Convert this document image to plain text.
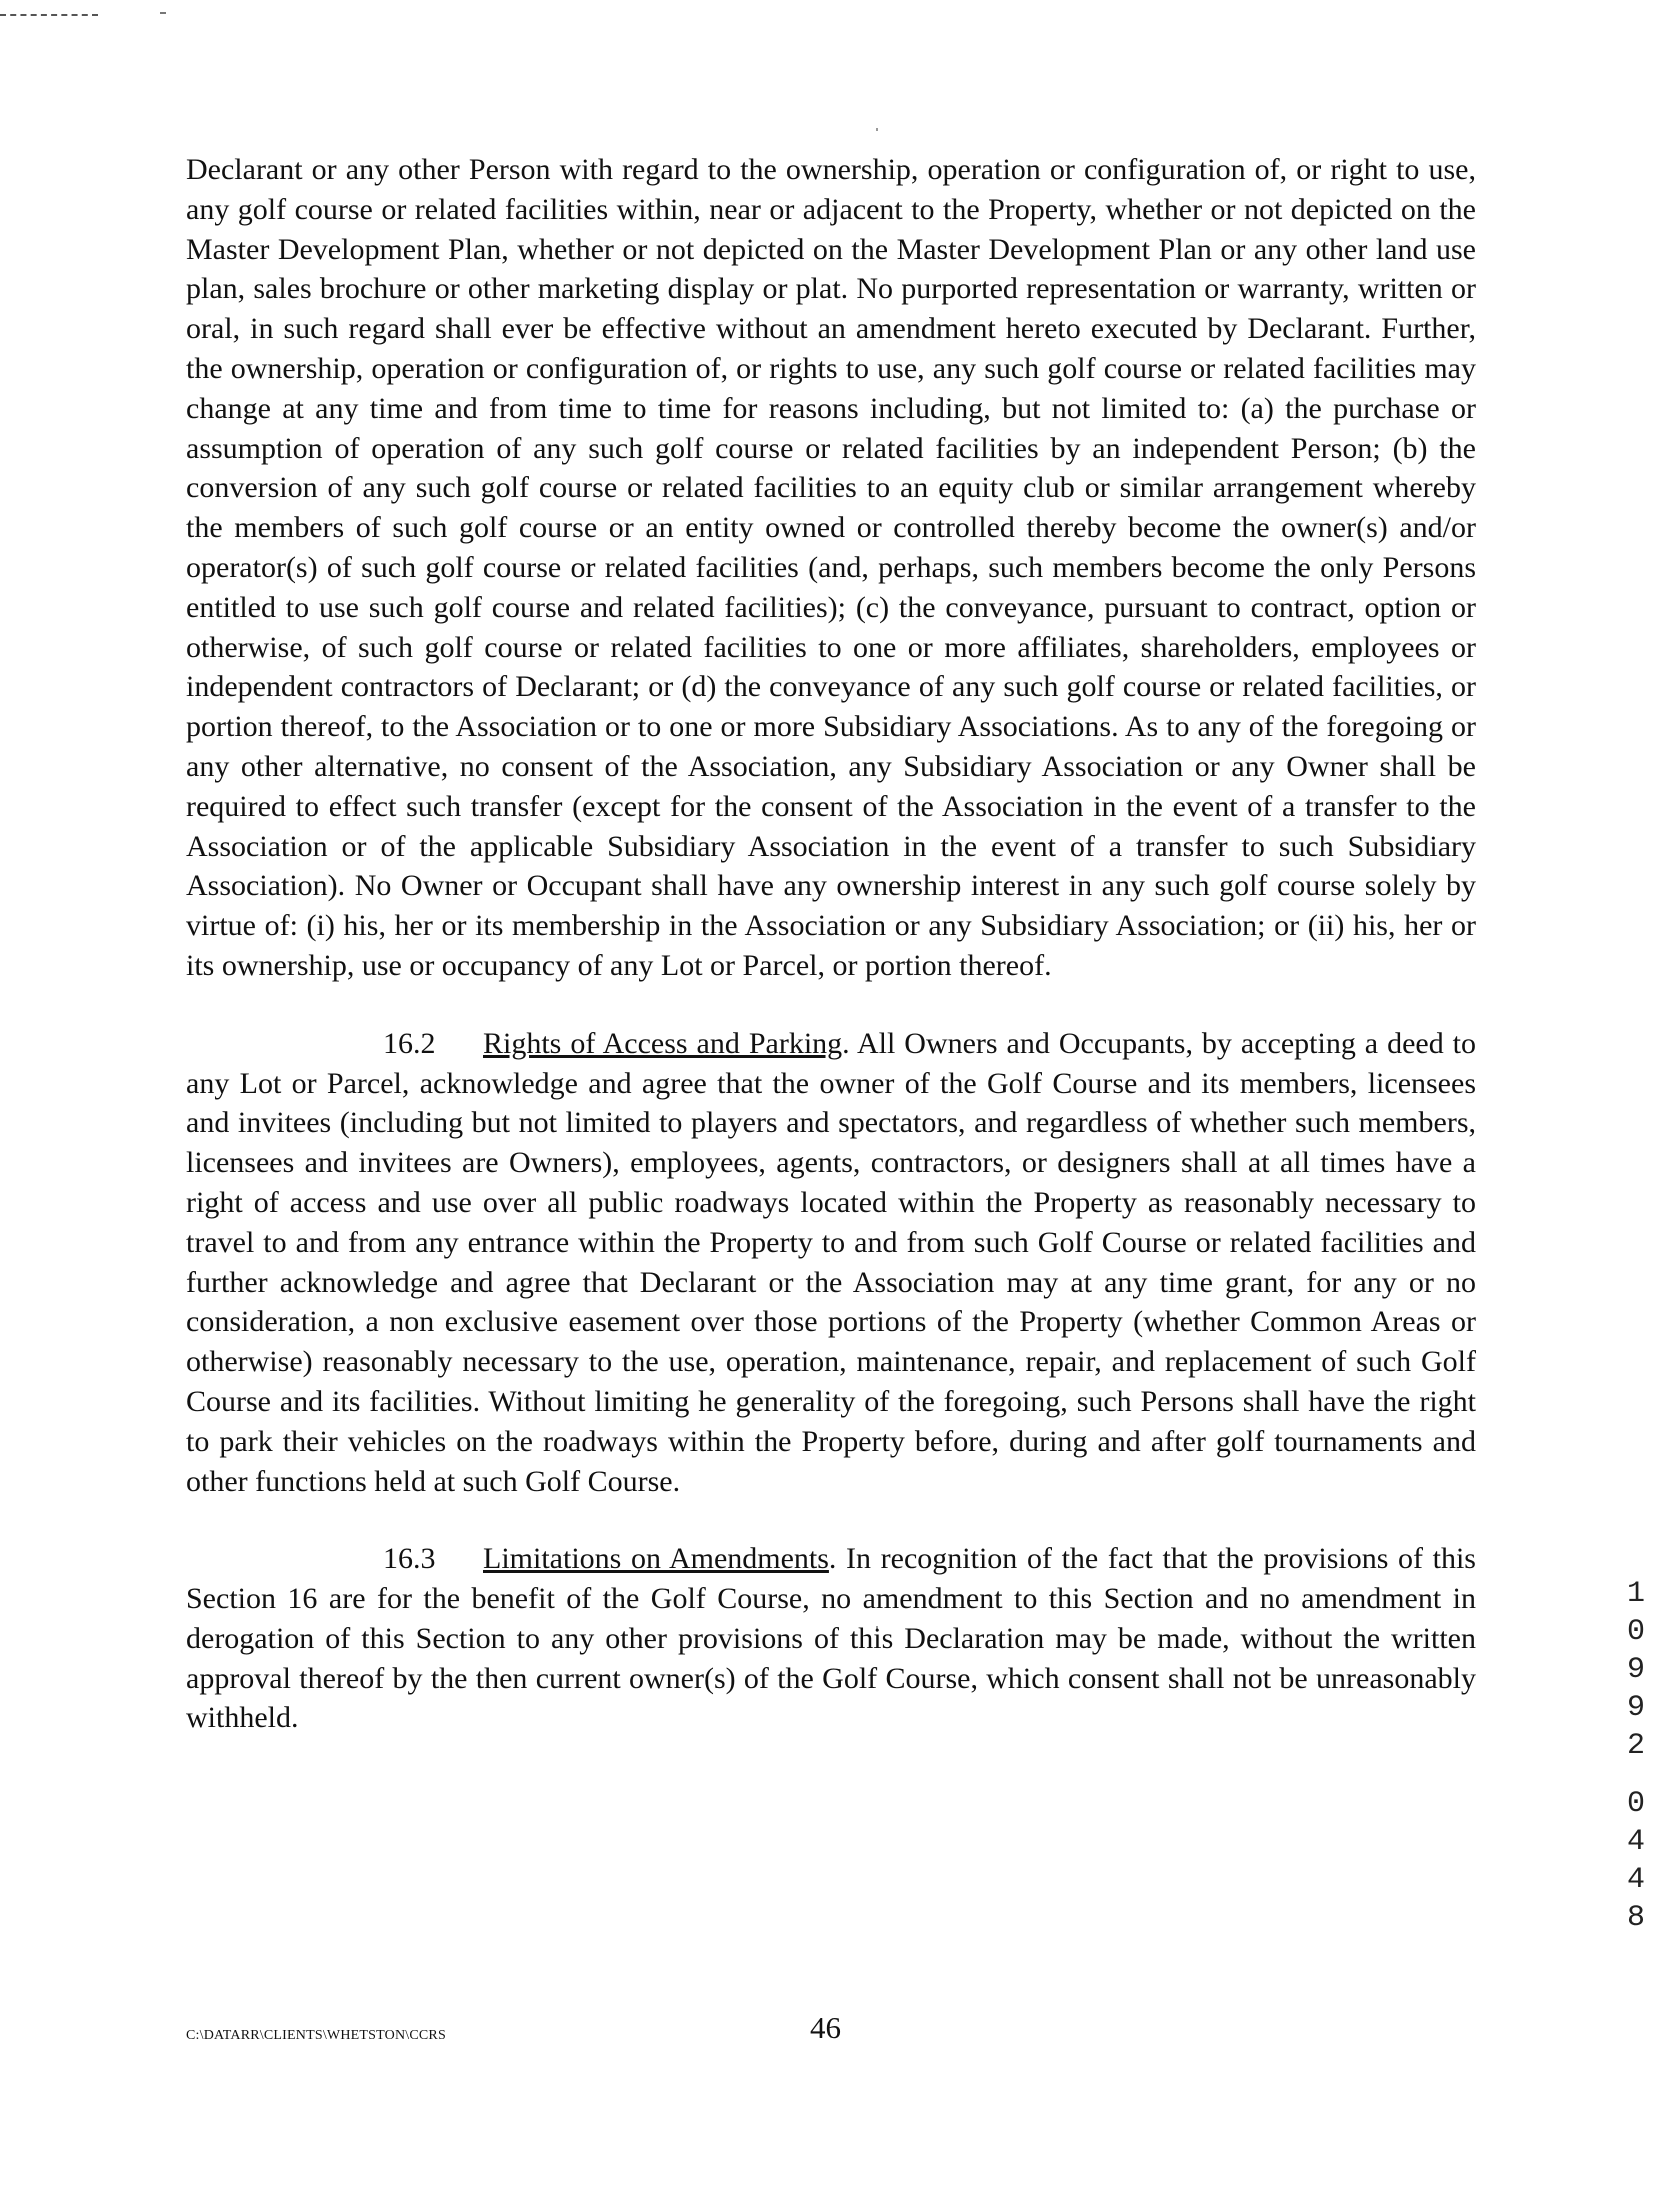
Declarant or any other Person with regard to the ownership, operation or configuration of, or right to use, any golf course or related facilities within, near or adjacent to the Property, whether or not depicted on the Master Development Plan, whether or not depicted on the Master Development Plan or any other land use plan, sales brochure or other marketing display or plat. No purported representation or warranty, written or oral, in such regard shall ever be effective without an amendment hereto executed by Declarant. Further, the ownership, operation or configuration of, or rights to use, any such golf course or related facilities may change at any time and from time to time for reasons including, but not limited to: (a) the purchase or assumption of operation of any such golf course or related facilities by an independent Person; (b) the conversion of any such golf course or related facilities to an equity club or similar arrangement whereby the members of such golf course or an entity owned or controlled thereby become the owner(s) and/or operator(s) of such golf course or related facilities (and, perhaps, such members become the only Persons entitled to use such golf course and related facilities); (c) the conveyance, pursuant to contract, option or otherwise, of such golf course or related facilities to one or more affiliates, shareholders, employees or independent contractors of Declarant; or (d) the conveyance of any such golf course or related facilities, or portion thereof, to the Association or to one or more Subsidiary Associations. As to any of the foregoing or any other alternative, no consent of the Association, any Subsidiary Association or any Owner shall be required to effect such transfer (except for the consent of the Association in the event of a transfer to the Association or of the applicable Subsidiary Association in the event of a transfer to such Subsidiary Association). No Owner or Occupant shall have any ownership interest in any such golf course solely by virtue of: (i) his, her or its membership in the Association or any Subsidiary Association; or (ii) his, her or its ownership, use or occupancy of any Lot or Parcel, or portion thereof.

16.2 Rights of Access and Parking. All Owners and Occupants, by accepting a deed to any Lot or Parcel, acknowledge and agree that the owner of the Golf Course and its members, licensees and invitees (including but not limited to players and spectators, and regardless of whether such members, licensees and invitees are Owners), employees, agents, contractors, or designers shall at all times have a right of access and use over all public roadways located within the Property as reasonably necessary to travel to and from any entrance within the Property to and from such Golf Course or related facilities and further acknowledge and agree that Declarant or the Association may at any time grant, for any or no consideration, a non exclusive easement over those portions of the Property (whether Common Areas or otherwise) reasonably necessary to the use, operation, maintenance, repair, and replacement of such Golf Course and its facilities. Without limiting he generality of the foregoing, such Persons shall have the right to park their vehicles on the roadways within the Property before, during and after golf tournaments and other functions held at such Golf Course.

16.3 Limitations on Amendments. In recognition of the fact that the provisions of this Section 16 are for the benefit of the Golf Course, no amendment to this Section and no amendment in derogation of this Section to any other provisions of this Declaration may be made, without the written approval thereof by the then current owner(s) of the Golf Course, which consent shall not be unreasonably withheld.

1
0
9
9
2
0
4
4
8
C:\DATARR\CLIENTS\WHETSTON\CCRS	46
